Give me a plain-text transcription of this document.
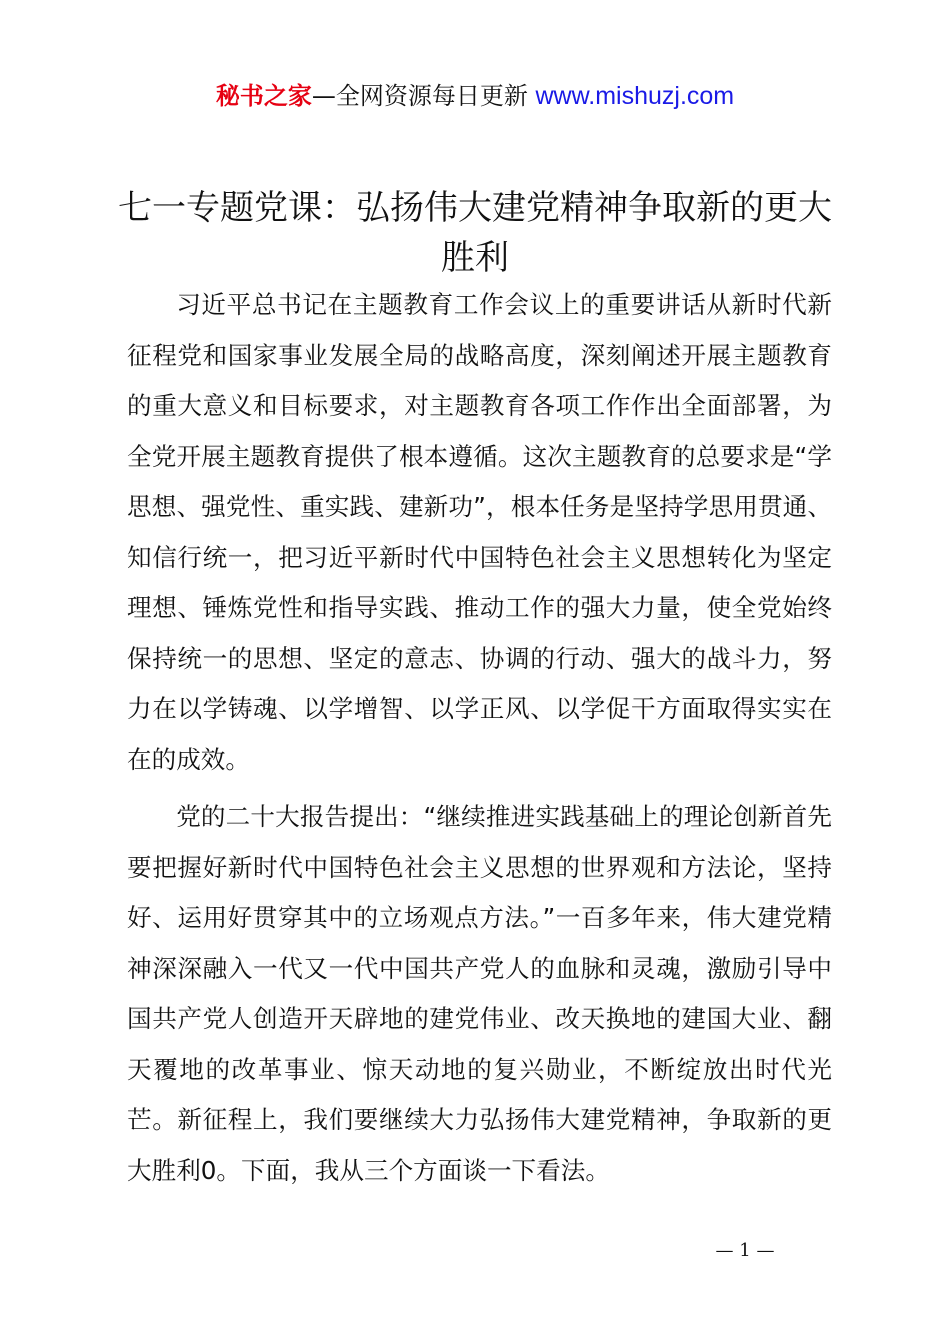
秘书之家—全网资源每日更新 www.mishuzj.com
七一专题党课：弘扬伟大建党精神争取新的更大胜利

习近平总书记在主题教育工作会议上的重要讲话从新时代新征程党和国家事业发展全局的战略高度，深刻阐述开展主题教育的重大意义和目标要求，对主题教育各项工作作出全面部署，为全党开展主题教育提供了根本遵循。这次主题教育的总要求是“学思想、强党性、重实践、建新功”，根本任务是坚持学思用贯通、知信行统一，把习近平新时代中国特色社会主义思想转化为坚定理想、锤炼党性和指导实践、推动工作的强大力量，使全党始终保持统一的思想、坚定的意志、协调的行动、强大的战斗力，努力在以学铸魂、以学增智、以学正风、以学促干方面取得实实在在的成效。

党的二十大报告提出：“继续推进实践基础上的理论创新首先要把握好新时代中国特色社会主义思想的世界观和方法论，坚持好、运用好贯穿其中的立场观点方法。”一百多年来，伟大建党精神深深融入一代又一代中国共产党人的血脉和灵魂，激励引导中国共产党人创造开天辟地的建党伟业、改天换地的建国大业、翻天覆地的改革事业、惊天动地的复兴勋业，不断绽放出时代光芒。新征程上，我们要继续大力弘扬伟大建党精神，争取新的更大胜利0。下面，我从三个方面谈一下看法。

— 1 —
